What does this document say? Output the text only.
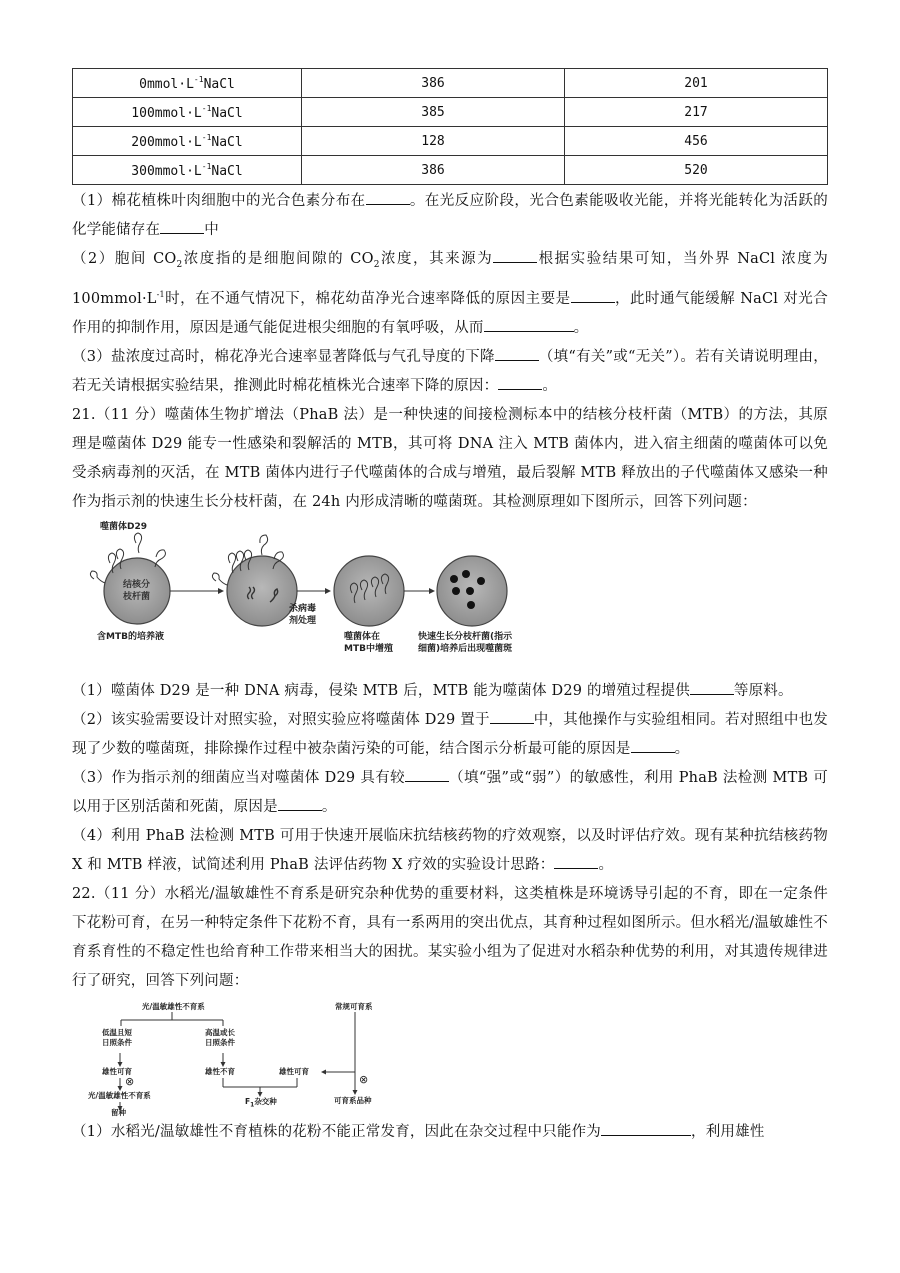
$0mmol\cdot L^{-1}NaCl$	386	201
$100mmol\cdot L^{-1}NaCl$	385	217
$200mmol\cdot L^{-1}NaCl$	128	456
$300mmol\cdot L^{-1}NaCl$	386	520

（1）棉花植株叶肉细胞中的光合色素分布在	。在光反应阶段，光合色素能吸收光能，并将光能转化为活跃的化学能储存在	中

（2）胞间 $CO_2$浓度指的是细胞间隙的 $CO_2$浓度，其来源为	根据实验结果可知，当外界 NaCl 浓度为 $100mmol\cdot L^{-1}$时，在不通气情况下，棉花幼苗净光合速率降低的原因主要是	，此时通气能缓解 NaCl 对光合作用的抑制作用，原因是通气能促进根尖细胞的有氧呼吸，从而	。

（3）盐浓度过高时，棉花净光合速率显著降低与气孔导度的下降	（填“有关”或“无关”）。若有关请说明理由，若无关请根据实验结果，推测此时棉花植株光合速率下降的原因：	。

21.（11 分）噬菌体生物扩增法（PhaB 法）是一种快速的间接检测标本中的结核分枝杆菌（MTB）的方法，其原理是噬菌体 D29 能专一性感染和裂解活的 MTB，其可将 DNA 注入 MTB 菌体内，进入宿主细菌的噬菌体可以免受杀病毒剂的灭活，在 MTB 菌体内进行子代噬菌体的合成与增殖，最后裂解 MTB 释放出的子代噬菌体又感染一种作为指示剂的快速生长分枝杆菌，在 24h 内形成清晰的噬菌斑。其检测原理如下图所示，回答下列问题：

噬菌体D29
结核分
枝杆菌
含MTB的培养液
杀病毒
剂处理
噬菌体在
MTB中增殖
快速生长分枝杆菌(指示
细菌)培养后出现噬菌斑

（1）噬菌体 D29 是一种 DNA 病毒，侵染 MTB 后，MTB 能为噬菌体 D29 的增殖过程提供	等原料。

（2）该实验需要设计对照实验，对照实验应将噬菌体 D29 置于	中，其他操作与实验组相同。若对照组中也发现了少数的噬菌斑，排除操作过程中被杂菌污染的可能，结合图示分析最可能的原因是	。

（3）作为指示剂的细菌应当对噬菌体 D29 具有较	（填“强”或“弱”）的敏感性，利用 PhaB 法检测 MTB 可以用于区别活菌和死菌，原因是	。

（4）利用 PhaB 法检测 MTB 可用于快速开展临床抗结核药物的疗效观察，以及时评估疗效。现有某种抗结核药物 X 和 MTB 样液，试简述利用 PhaB 法评估药物 X 疗效的实验设计思路：	。

22.（11 分）水稻光/温敏雄性不育系是研究杂种优势的重要材料，这类植株是环境诱导引起的不育，即在一定条件下花粉可育，在另一种特定条件下花粉不育，具有一系两用的突出优点，其育种过程如图所示。但水稻光/温敏雄性不育系育性的不稳定性也给育种工作带来相当大的困扰。某实验小组为了促进对水稻杂种优势的利用，对其遗传规律进行了研究，回答下列问题：

光/温敏雄性不育系	常规可育系
低温且短
日照条件
高温或长
日照条件
雄性可育
⊗
光/温敏雄性不育系
留种
雄性不育	雄性可育
$F_1$杂交种
⊗
可育系品种

（1）水稻光/温敏雄性不育植株的花粉不能正常发育，因此在杂交过程中只能作为	，利用雄性
